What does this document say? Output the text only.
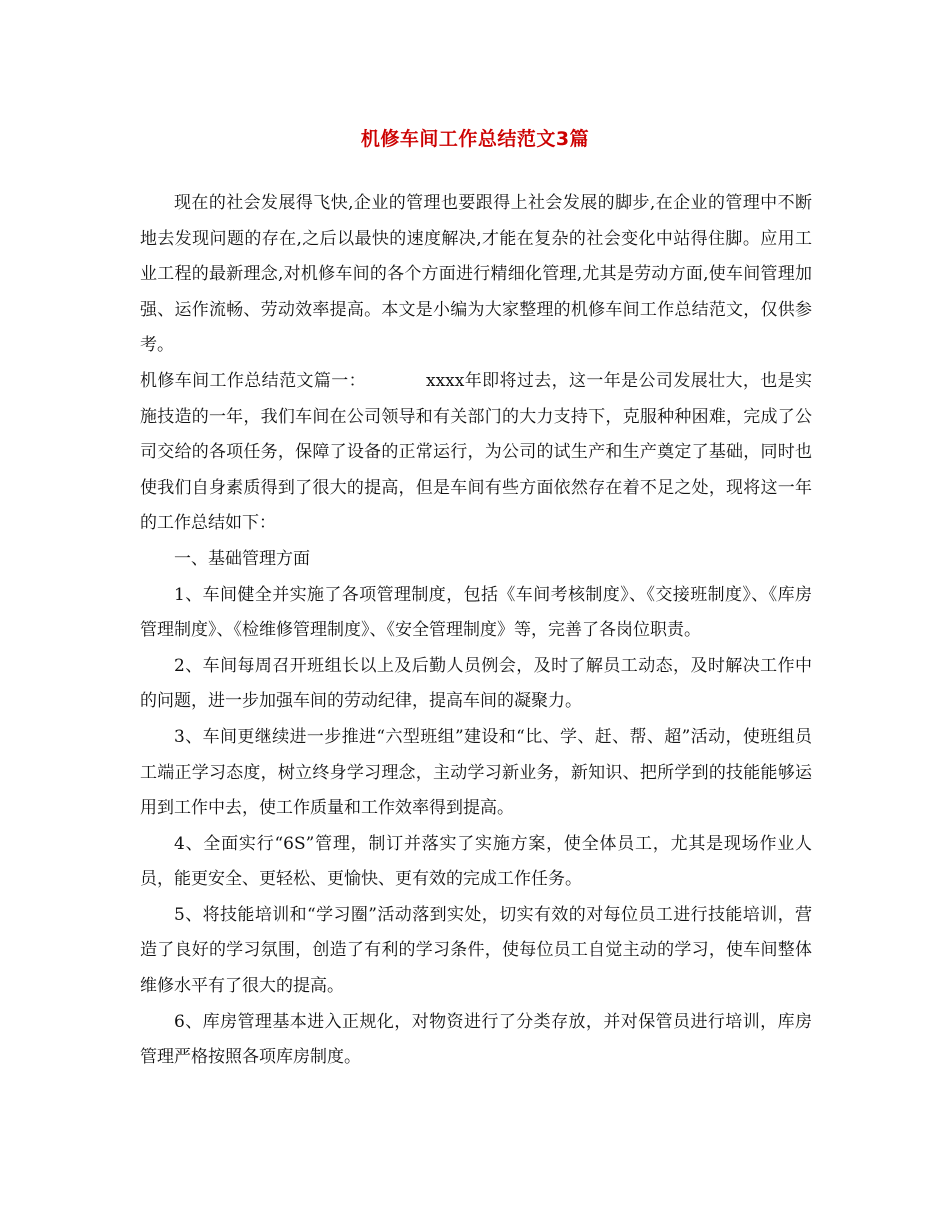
机修车间工作总结范文3篇

现在的社会发展得飞快,企业的管理也要跟得上社会发展的脚步,在企业的管理中不断地去发现问题的存在,之后以最快的速度解决,才能在复杂的社会变化中站得住脚。应用工业工程的最新理念,对机修车间的各个方面进行精细化管理,尤其是劳动方面,使车间管理加强、运作流畅、劳动效率提高。本文是小编为大家整理的机修车间工作总结范文，仅供参考。

机修车间工作总结范文篇一：	xxxx年即将过去，这一年是公司发展壮大，也是实施技造的一年，我们车间在公司领导和有关部门的大力支持下，克服种种困难，完成了公司交给的各项任务，保障了设备的正常运行，为公司的试生产和生产奠定了基础，同时也使我们自身素质得到了很大的提高，但是车间有些方面依然存在着不足之处，现将这一年的工作总结如下：

一、基础管理方面

1、车间健全并实施了各项管理制度，包括《车间考核制度》、《交接班制度》、《库房管理制度》、《检维修管理制度》、《安全管理制度》等，完善了各岗位职责。

2、车间每周召开班组长以上及后勤人员例会，及时了解员工动态，及时解决工作中的问题，进一步加强车间的劳动纪律，提高车间的凝聚力。

3、车间更继续进一步推进“六型班组”建设和“比、学、赶、帮、超”活动，使班组员工端正学习态度，树立终身学习理念，主动学习新业务，新知识、把所学到的技能能够运用到工作中去，使工作质量和工作效率得到提高。

4、全面实行“6S”管理，制订并落实了实施方案，使全体员工，尤其是现场作业人员，能更安全、更轻松、更愉快、更有效的完成工作任务。

5、将技能培训和“学习圈”活动落到实处，切实有效的对每位员工进行技能培训，营造了良好的学习氛围，创造了有利的学习条件，使每位员工自觉主动的学习，使车间整体维修水平有了很大的提高。

6、库房管理基本进入正规化，对物资进行了分类存放，并对保管员进行培训，库房管理严格按照各项库房制度。
